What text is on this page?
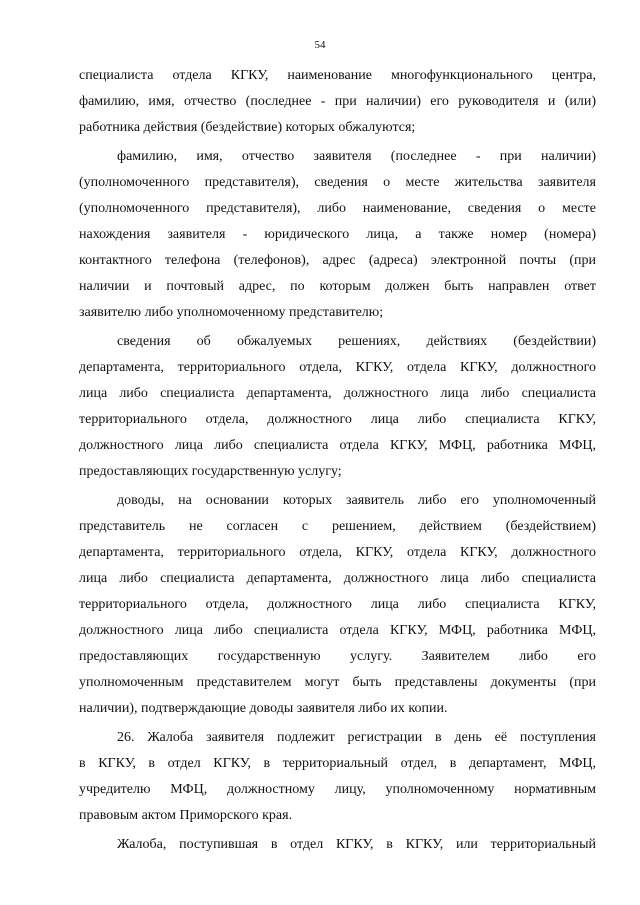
54
специалиста отдела КГКУ, наименование многофункционального центра,
фамилию, имя, отчество (последнее - при наличии) его руководителя и (или)
работника действия (бездействие) которых обжалуются;
фамилию, имя, отчество заявителя (последнее - при наличии)
(уполномоченного представителя), сведения о месте жительства заявителя
(уполномоченного представителя), либо наименование, сведения о месте
нахождения заявителя - юридического лица, а также номер (номера)
контактного телефона (телефонов), адрес (адреса) электронной почты (при
наличии и почтовый адрес, по которым должен быть направлен ответ
заявителю либо уполномоченному представителю;
сведения об обжалуемых решениях, действиях (бездействии)
департамента, территориального отдела, КГКУ, отдела КГКУ, должностного
лица либо специалиста департамента, должностного лица либо специалиста
территориального отдела, должностного лица либо специалиста КГКУ,
должностного лица либо специалиста отдела КГКУ, МФЦ, работника МФЦ,
предоставляющих государственную услугу;
доводы, на основании которых заявитель либо его уполномоченный
представитель не согласен с решением, действием (бездействием)
департамента, территориального отдела, КГКУ, отдела КГКУ, должностного
лица либо специалиста департамента, должностного лица либо специалиста
территориального отдела, должностного лица либо специалиста КГКУ,
должностного лица либо специалиста отдела КГКУ, МФЦ, работника МФЦ,
предоставляющих государственную услугу. Заявителем либо его
уполномоченным представителем могут быть представлены документы (при
наличии), подтверждающие доводы заявителя либо их копии.
26. Жалоба заявителя подлежит регистрации в день её поступления
в КГКУ, в отдел КГКУ, в территориальный отдел, в департамент, МФЦ,
учредителю МФЦ, должностному лицу, уполномоченному нормативным
правовым актом Приморского края.
Жалоба, поступившая в отдел КГКУ, в КГКУ, или территориальный
